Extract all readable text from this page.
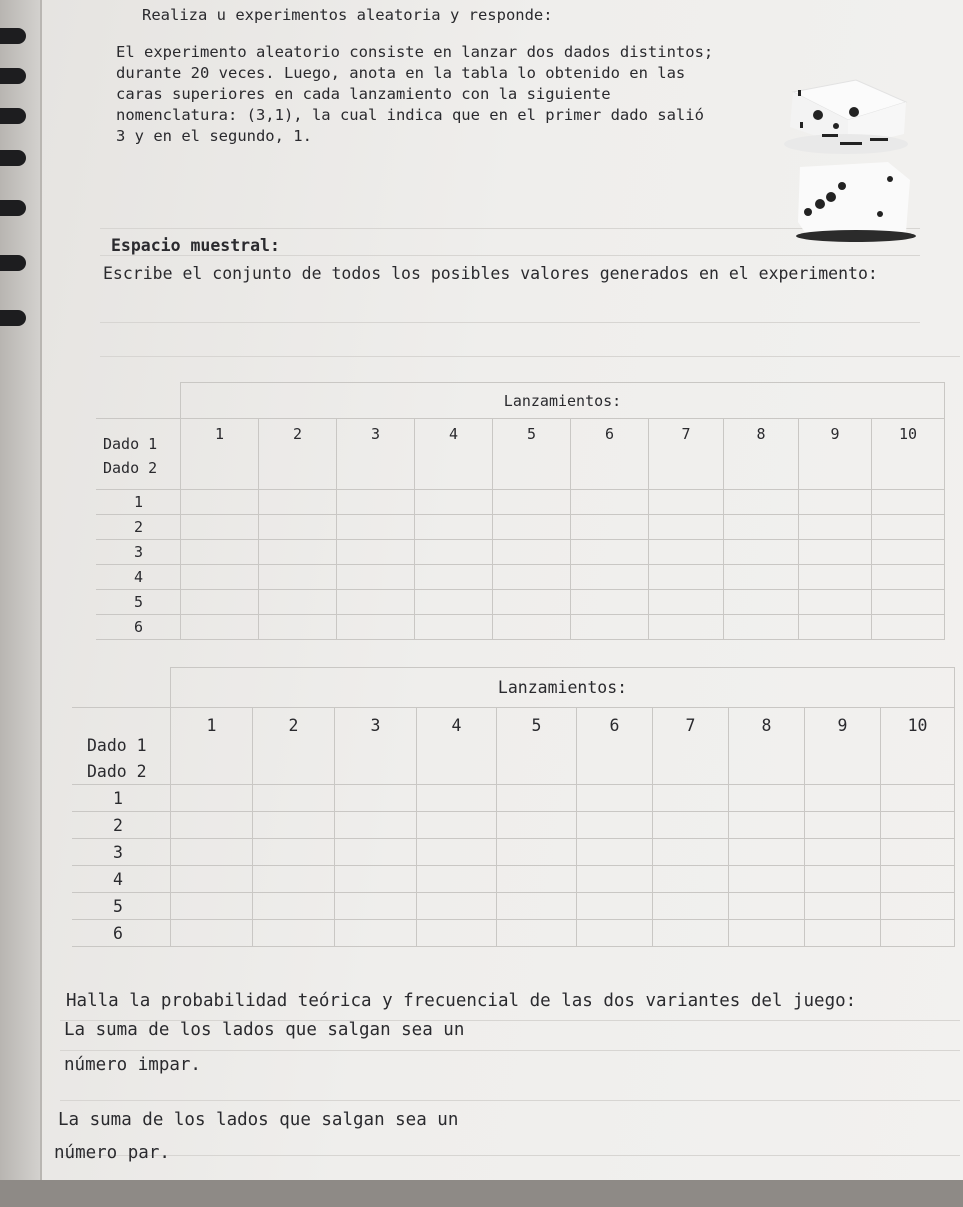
Realiza u experimentos aleatoria y responde:
El experimento aleatorio consiste en lanzar dos dados distintos;
durante 20 veces. Luego, anota en la tabla lo obtenido en las
caras superiores en cada lanzamiento con la siguiente
nomenclatura: (3,1), la cual indica que en el primer dado salió
3 y en el segundo, 1.
Espacio muestral:
Escribe el conjunto de todos los posibles valores generados en el experimento:
	Lanzamientos:									

Dado 1
Dado 2	1	2	3	4	5	6	7	8	9	10
1										
2										
3										
4										
5										
6										
	Lanzamientos:									

Dado 1
Dado 2	1	2	3	4	5	6	7	8	9	10
1										
2										
3										
4										
5										
6										
Halla la probabilidad teórica y frecuencial de las dos variantes del juego:
La suma de los lados que salgan sea un
número impar.
La suma de los lados que salgan sea un
número par.
